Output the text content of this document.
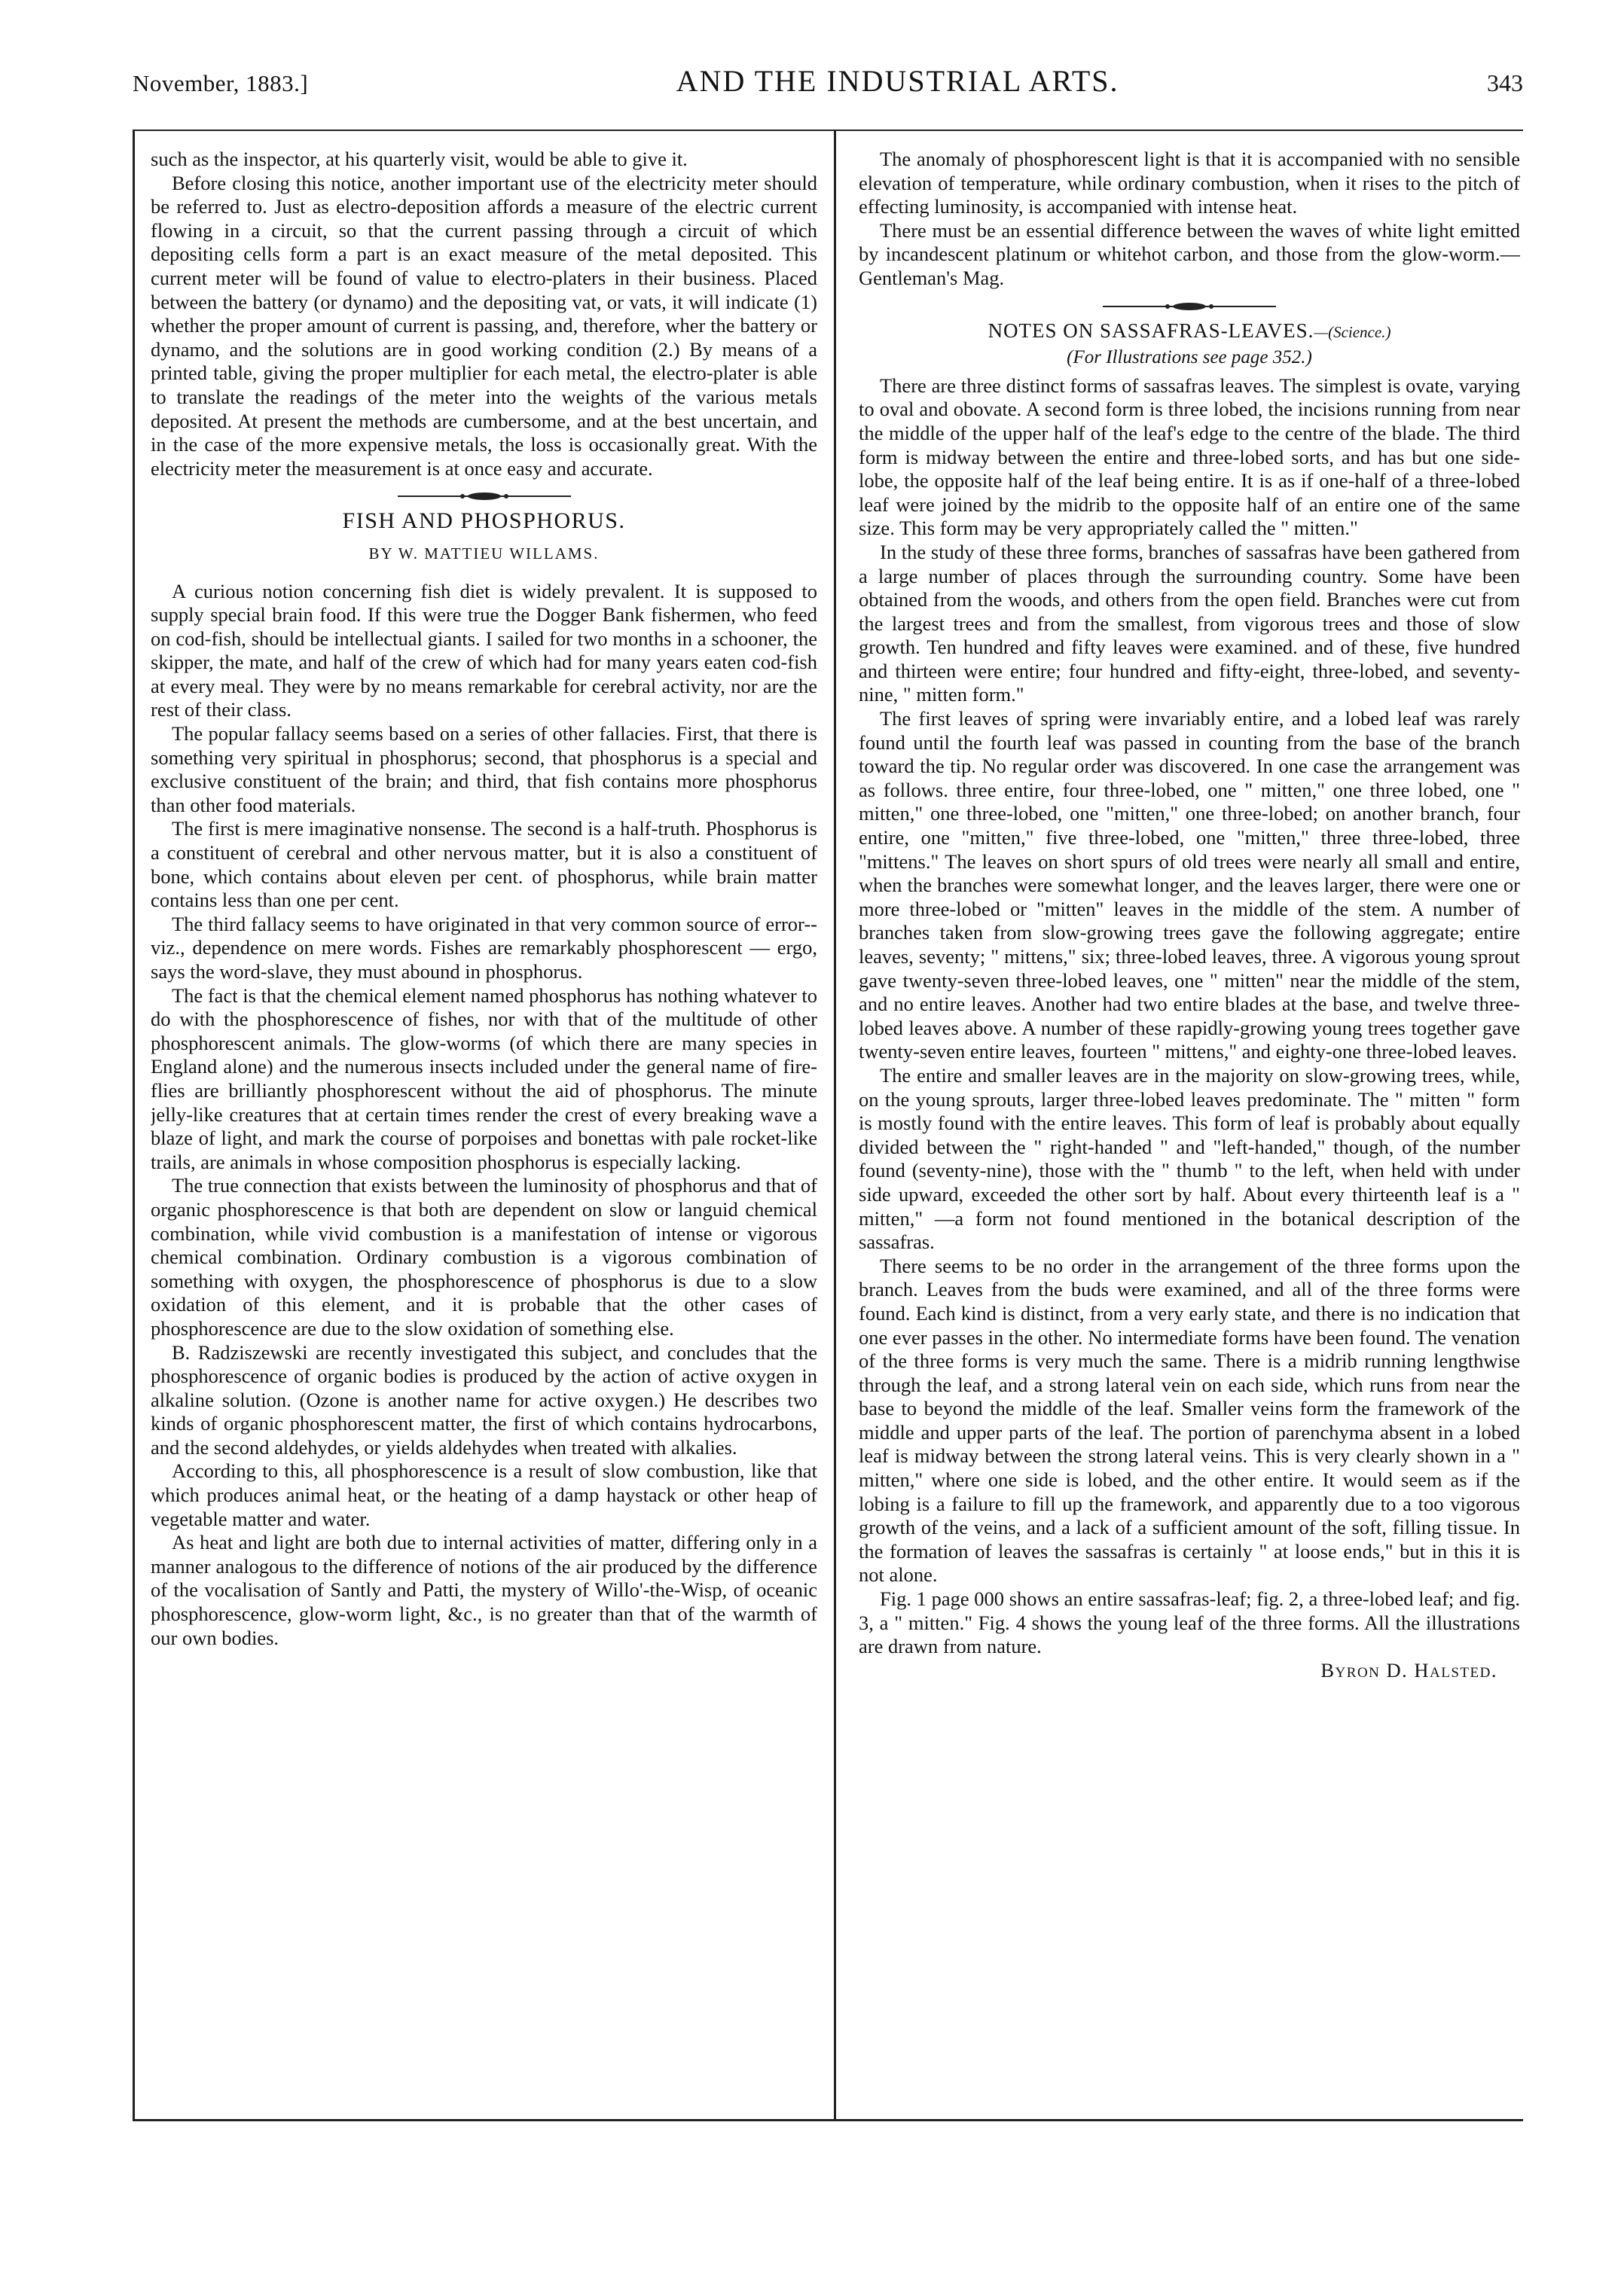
November, 1883.]	AND THE INDUSTRIAL ARTS.	343

such as the inspector, at his quarterly visit, would be able to give it.

Before closing this notice, another important use of the electricity meter should be referred to. Just as electro-deposition affords a measure of the electric current flowing in a circuit, so that the current passing through a circuit of which depositing cells form a part is an exact measure of the metal deposited. This current meter will be found of value to electro-platers in their business. Placed between the battery (or dynamo) and the depositing vat, or vats, it will indicate (1) whether the proper amount of current is passing, and, therefore, wher the battery or dynamo, and the solutions are in good working condition (2.) By means of a printed table, giving the proper multiplier for each metal, the electro-plater is able to translate the readings of the meter into the weights of the various metals deposited. At present the methods are cumbersome, and at the best uncertain, and in the case of the more expensive metals, the loss is occasionally great. With the electricity meter the measurement is at once easy and accurate.

FISH AND PHOSPHORUS.
BY W. MATTIEU WILLAMS.

A curious notion concerning fish diet is widely prevalent. It is supposed to supply special brain food. If this were true the Dogger Bank fishermen, who feed on cod-fish, should be intellectual giants. I sailed for two months in a schooner, the skipper, the mate, and half of the crew of which had for many years eaten cod-fish at every meal. They were by no means remarkable for cerebral activity, nor are the rest of their class.

The popular fallacy seems based on a series of other fallacies. First, that there is something very spiritual in phosphorus; second, that phosphorus is a special and exclusive constituent of the brain; and third, that fish contains more phosphorus than other food materials.

The first is mere imaginative nonsense. The second is a half-truth. Phosphorus is a constituent of cerebral and other nervous matter, but it is also a constituent of bone, which contains about eleven per cent. of phosphorus, while brain matter contains less than one per cent.

The third fallacy seems to have originated in that very common source of error--viz., dependence on mere words. Fishes are remarkably phosphorescent — ergo, says the word-slave, they must abound in phosphorus.

The fact is that the chemical element named phosphorus has nothing whatever to do with the phosphorescence of fishes, nor with that of the multitude of other phosphorescent animals. The glow-worms (of which there are many species in England alone) and the numerous insects included under the general name of fire-flies are brilliantly phosphorescent without the aid of phosphorus. The minute jelly-like creatures that at certain times render the crest of every breaking wave a blaze of light, and mark the course of porpoises and bonettas with pale rocket-like trails, are animals in whose composition phosphorus is especially lacking.

The true connection that exists between the luminosity of phosphorus and that of organic phosphorescence is that both are dependent on slow or languid chemical combination, while vivid combustion is a manifestation of intense or vigorous chemical combination. Ordinary combustion is a vigorous combination of something with oxygen, the phosphorescence of phosphorus is due to a slow oxidation of this element, and it is probable that the other cases of phosphorescence are due to the slow oxidation of something else.

B. Radziszewski are recently investigated this subject, and concludes that the phosphorescence of organic bodies is produced by the action of active oxygen in alkaline solution. (Ozone is another name for active oxygen.) He describes two kinds of organic phosphorescent matter, the first of which contains hydrocarbons, and the second aldehydes, or yields aldehydes when treated with alkalies.

According to this, all phosphorescence is a result of slow combustion, like that which produces animal heat, or the heating of a damp haystack or other heap of vegetable matter and water.

As heat and light are both due to internal activities of matter, differing only in a manner analogous to the difference of notions of the air produced by the difference of the vocalisation of Santly and Patti, the mystery of Willo'-the-Wisp, of oceanic phosphorescence, glow-worm light, &c., is no greater than that of the warmth of our own bodies.

The anomaly of phosphorescent light is that it is accompanied with no sensible elevation of temperature, while ordinary combustion, when it rises to the pitch of effecting luminosity, is accompanied with intense heat.

There must be an essential difference between the waves of white light emitted by incandescent platinum or whitehot carbon, and those from the glow-worm.—Gentleman's Mag.

NOTES ON SASSAFRAS-LEAVES.—(Science.)
(For Illustrations see page 352.)

There are three distinct forms of sassafras leaves. The simplest is ovate, varying to oval and obovate. A second form is three lobed, the incisions running from near the middle of the upper half of the leaf's edge to the centre of the blade. The third form is midway between the entire and three-lobed sorts, and has but one side-lobe, the opposite half of the leaf being entire. It is as if one-half of a three-lobed leaf were joined by the midrib to the opposite half of an entire one of the same size. This form may be very appropriately called the " mitten."

In the study of these three forms, branches of sassafras have been gathered from a large number of places through the surrounding country. Some have been obtained from the woods, and others from the open field. Branches were cut from the largest trees and from the smallest, from vigorous trees and those of slow growth. Ten hundred and fifty leaves were examined. and of these, five hundred and thirteen were entire; four hundred and fifty-eight, three-lobed, and seventy-nine, " mitten form."

The first leaves of spring were invariably entire, and a lobed leaf was rarely found until the fourth leaf was passed in counting from the base of the branch toward the tip. No regular order was discovered. In one case the arrangement was as follows. three entire, four three-lobed, one " mitten," one three lobed, one " mitten," one three-lobed, one "mitten," one three-lobed; on another branch, four entire, one "mitten," five three-lobed, one "mitten," three three-lobed, three "mittens." The leaves on short spurs of old trees were nearly all small and entire, when the branches were somewhat longer, and the leaves larger, there were one or more three-lobed or "mitten" leaves in the middle of the stem. A number of branches taken from slow-growing trees gave the following aggregate; entire leaves, seventy; " mittens," six; three-lobed leaves, three. A vigorous young sprout gave twenty-seven three-lobed leaves, one " mitten" near the middle of the stem, and no entire leaves. Another had two entire blades at the base, and twelve three-lobed leaves above. A number of these rapidly-growing young trees together gave twenty-seven entire leaves, fourteen " mittens," and eighty-one three-lobed leaves.

The entire and smaller leaves are in the majority on slow-growing trees, while, on the young sprouts, larger three-lobed leaves predominate. The " mitten " form is mostly found with the entire leaves. This form of leaf is probably about equally divided between the " right-handed " and "left-handed," though, of the number found (seventy-nine), those with the " thumb " to the left, when held with under side upward, exceeded the other sort by half. About every thirteenth leaf is a " mitten," —a form not found mentioned in the botanical description of the sassafras.

There seems to be no order in the arrangement of the three forms upon the branch. Leaves from the buds were examined, and all of the three forms were found. Each kind is distinct, from a very early state, and there is no indication that one ever passes in the other. No intermediate forms have been found. The venation of the three forms is very much the same. There is a midrib running lengthwise through the leaf, and a strong lateral vein on each side, which runs from near the base to beyond the middle of the leaf. Smaller veins form the framework of the middle and upper parts of the leaf. The portion of parenchyma absent in a lobed leaf is midway between the strong lateral veins. This is very clearly shown in a " mitten," where one side is lobed, and the other entire. It would seem as if the lobing is a failure to fill up the framework, and apparently due to a too vigorous growth of the veins, and a lack of a sufficient amount of the soft, filling tissue. In the formation of leaves the sassafras is certainly " at loose ends," but in this it is not alone.

Fig. 1 page 000 shows an entire sassafras-leaf; fig. 2, a three-lobed leaf; and fig. 3, a " mitten." Fig. 4 shows the young leaf of the three forms. All the illustrations are drawn from nature.

Byron D. Halsted.
